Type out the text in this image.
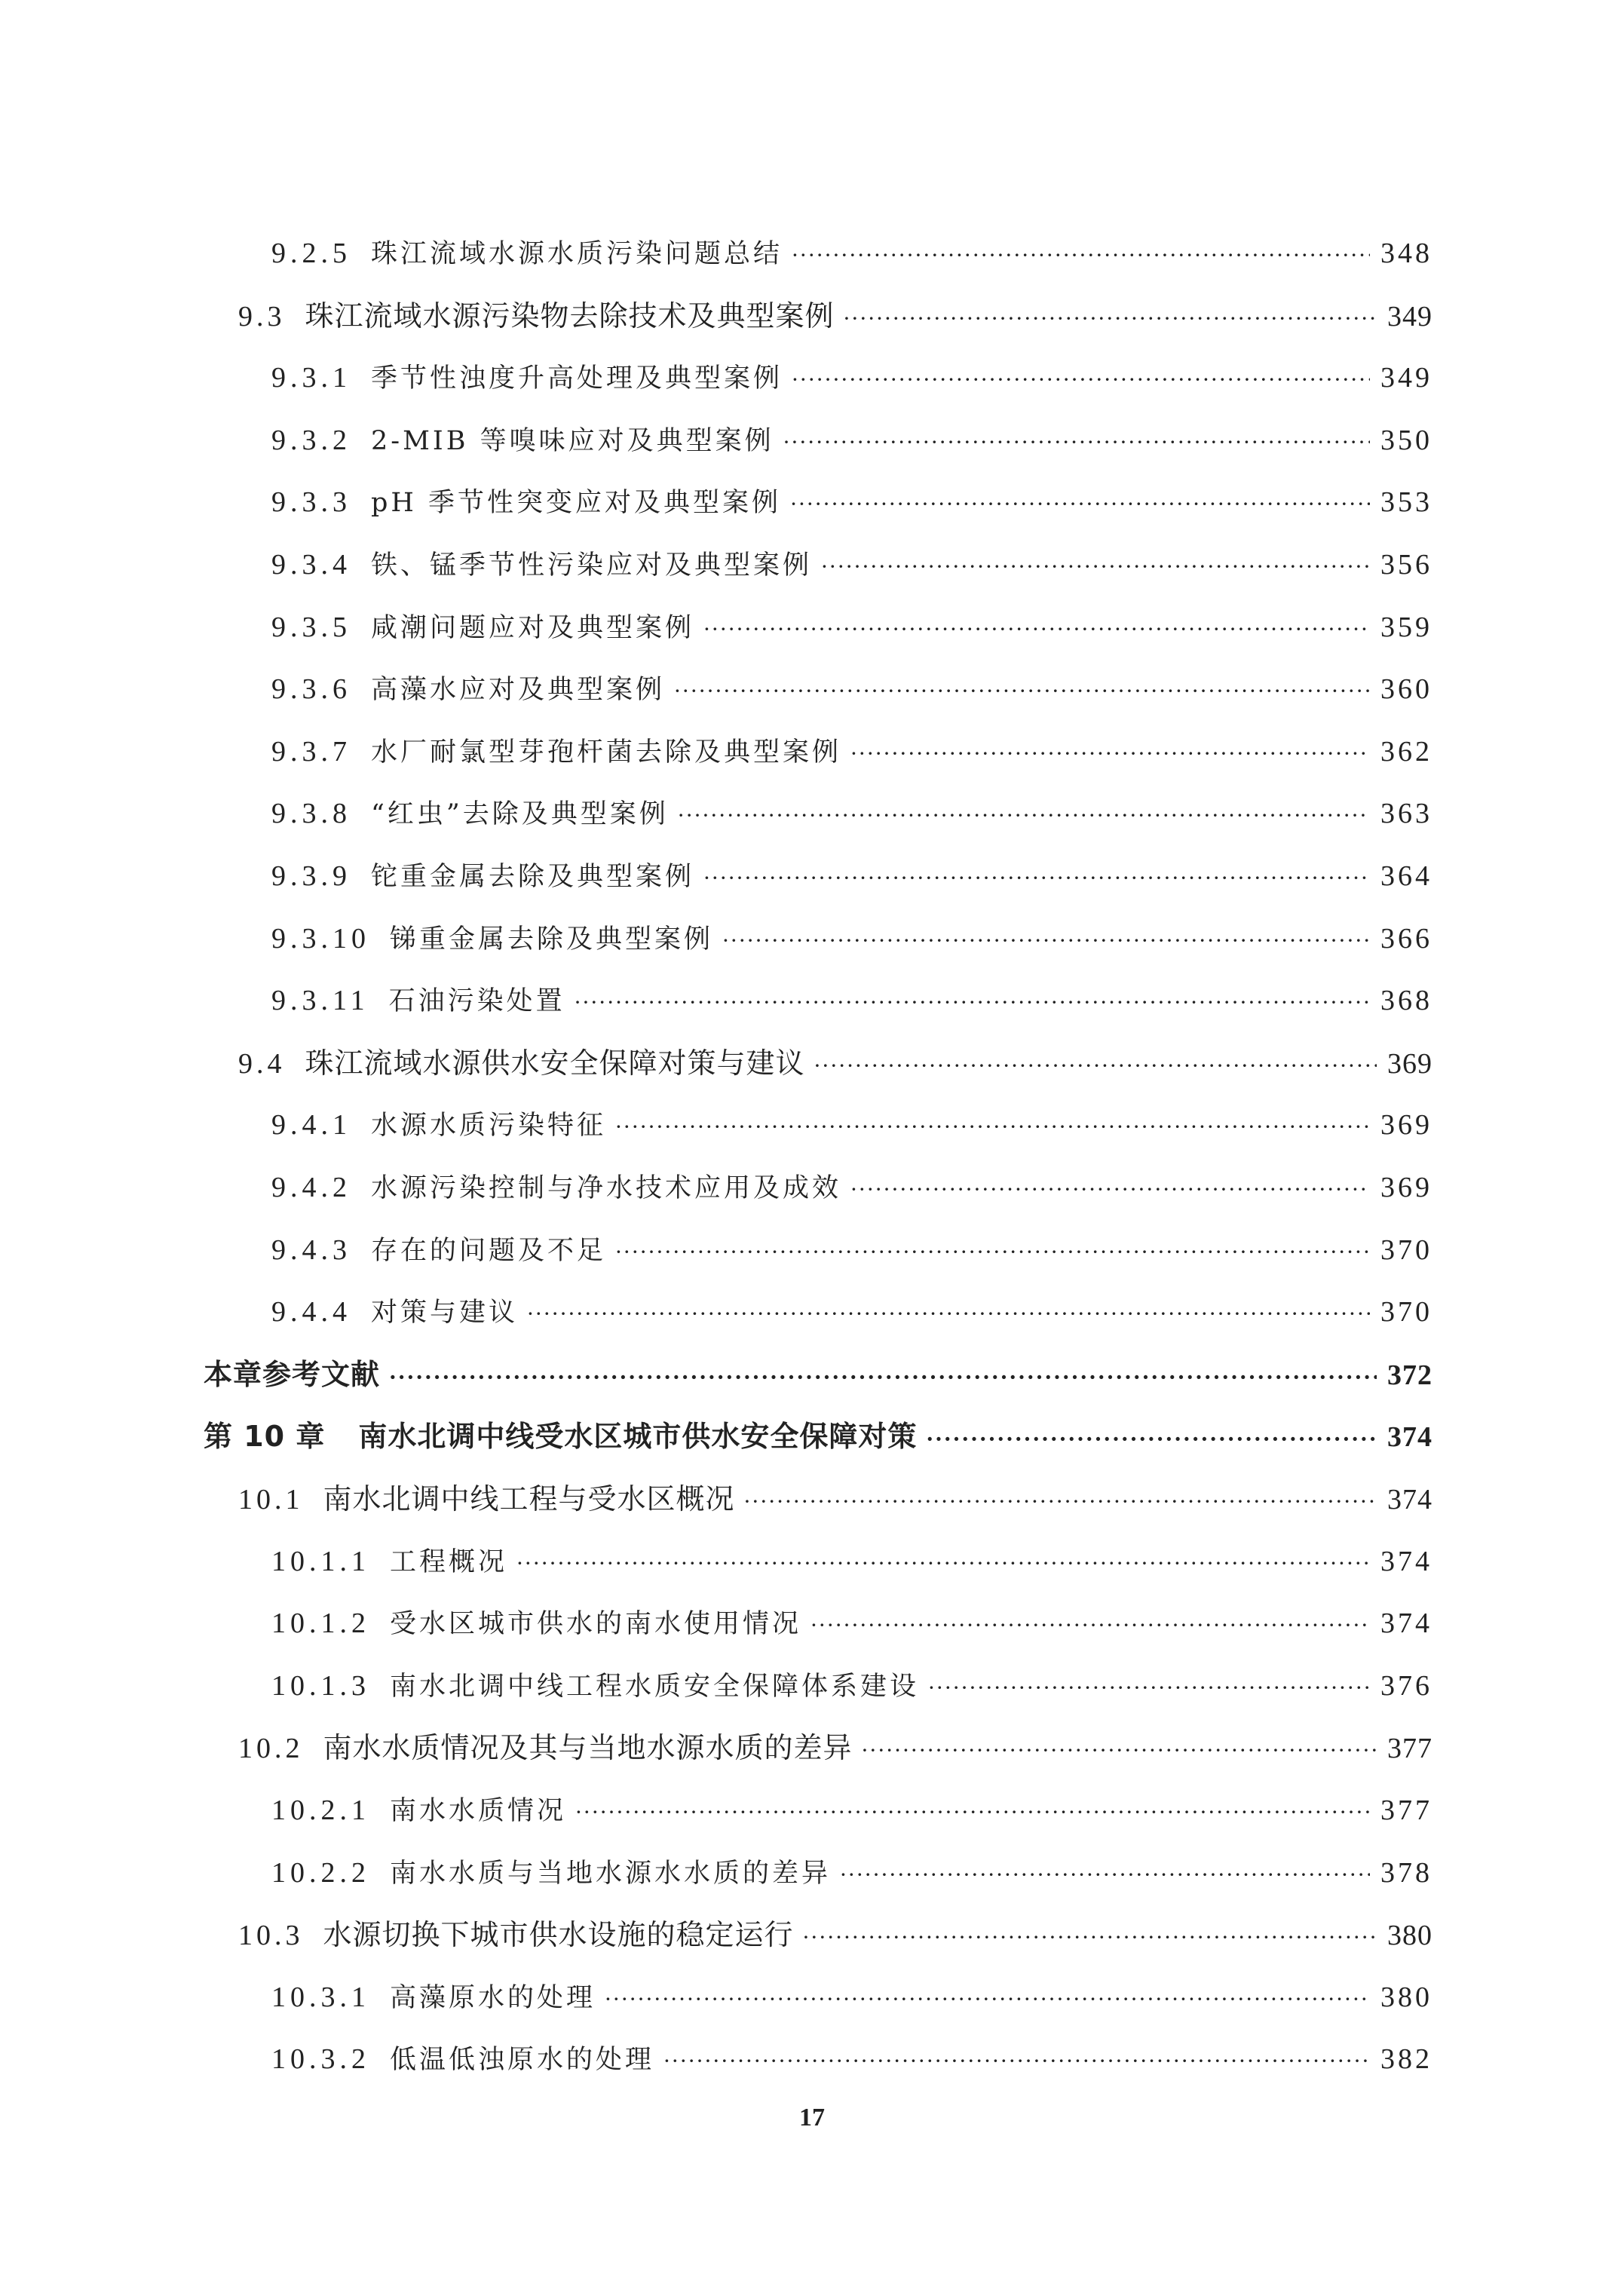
9.2.5 珠江流域水源水质污染问题总结 ·····	348
9.3 珠江流域水源污染物去除技术及典型案例 ·····	349
9.3.1 季节性浊度升高处理及典型案例 ·····	349
9.3.2 2-MIB 等嗅味应对及典型案例 ·····	350
9.3.3 pH 季节性突变应对及典型案例 ·····	353
9.3.4 铁、锰季节性污染应对及典型案例 ·····	356
9.3.5 咸潮问题应对及典型案例 ·····	359
9.3.6 高藻水应对及典型案例 ·····	360
9.3.7 水厂耐氯型芽孢杆菌去除及典型案例 ·····	362
9.3.8 “红虫”去除及典型案例 ·····	363
9.3.9 铊重金属去除及典型案例 ·····	364
9.3.10 锑重金属去除及典型案例 ·····	366
9.3.11 石油污染处置 ·····	368
9.4 珠江流域水源供水安全保障对策与建议 ·····	369
9.4.1 水源水质污染特征 ·····	369
9.4.2 水源污染控制与净水技术应用及成效 ·····	369
9.4.3 存在的问题及不足 ·····	370
9.4.4 对策与建议 ·····	370
本章参考文献 ·····	372
第 10 章 南水北调中线受水区城市供水安全保障对策 ·····	374
10.1 南水北调中线工程与受水区概况 ·····	374
10.1.1 工程概况 ·····	374
10.1.2 受水区城市供水的南水使用情况 ·····	374
10.1.3 南水北调中线工程水质安全保障体系建设 ·····	376
10.2 南水水质情况及其与当地水源水质的差异 ·····	377
10.2.1 南水水质情况 ·····	377
10.2.2 南水水质与当地水源水水质的差异 ·····	378
10.3 水源切换下城市供水设施的稳定运行 ·····	380
10.3.1 高藻原水的处理 ·····	380
10.3.2 低温低浊原水的处理 ·····	382
17
